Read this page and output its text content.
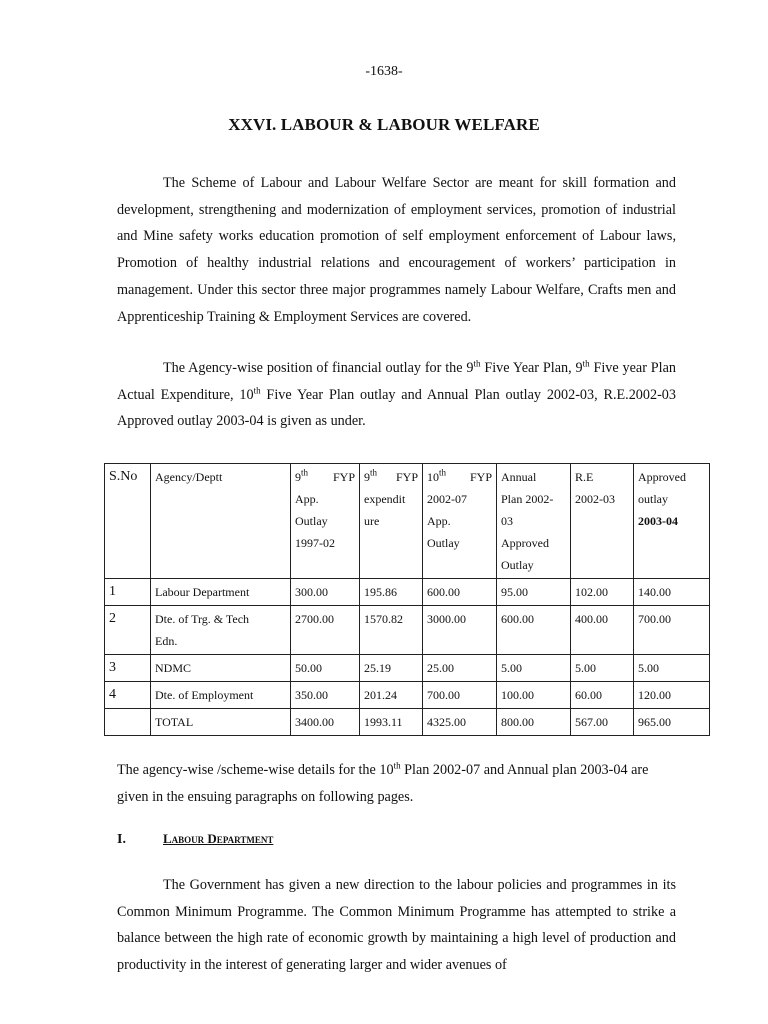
-1638-
XXVI. LABOUR & LABOUR WELFARE

The Scheme of Labour and Labour Welfare Sector are meant for skill formation and development, strengthening and modernization of employment services, promotion of industrial and Mine safety works education promotion of self employment enforcement of Labour laws, Promotion of healthy industrial relations and encouragement of workers’ participation in management. Under this sector three major programmes namely Labour Welfare, Crafts men and Apprenticeship Training & Employment Services are covered.

The Agency-wise position of financial outlay for the 9th Five Year Plan, 9th Five year Plan Actual Expenditure, 10th Five Year Plan outlay and Annual Plan outlay 2002-03, R.E.2002-03 Approved outlay 2003-04 is given as under.

S.No	Agency/Deptt	9th FYP
App.
Outlay
1997-02	9th FYP
expendit
ure	10th FYP
2002-07
App.
Outlay	Annual
Plan 2002-
03
Approved
Outlay	R.E
2002-03	Approved
outlay
2003-04

1	Labour Department	300.00	195.86	600.00	95.00	102.00	140.00
2	Dte. of Trg. & Tech
Edn.	2700.00	1570.82	3000.00	600.00	400.00	700.00
3	NDMC	50.00	25.19	25.00	5.00	5.00	5.00
4	Dte. of Employment	350.00	201.24	700.00	100.00	60.00	120.00
	TOTAL	3400.00	1993.11	4325.00	800.00	567.00	965.00

The agency-wise /scheme-wise details for the 10th Plan 2002-07 and Annual plan 2003-04 are given in the ensuing paragraphs on following pages.

I.	Labour Department

The Government has given a new direction to the labour policies and programmes in its Common Minimum Programme. The Common Minimum Programme has attempted to strike a balance between the high rate of economic growth by maintaining a high level of production and productivity in the interest of generating larger and wider avenues of
